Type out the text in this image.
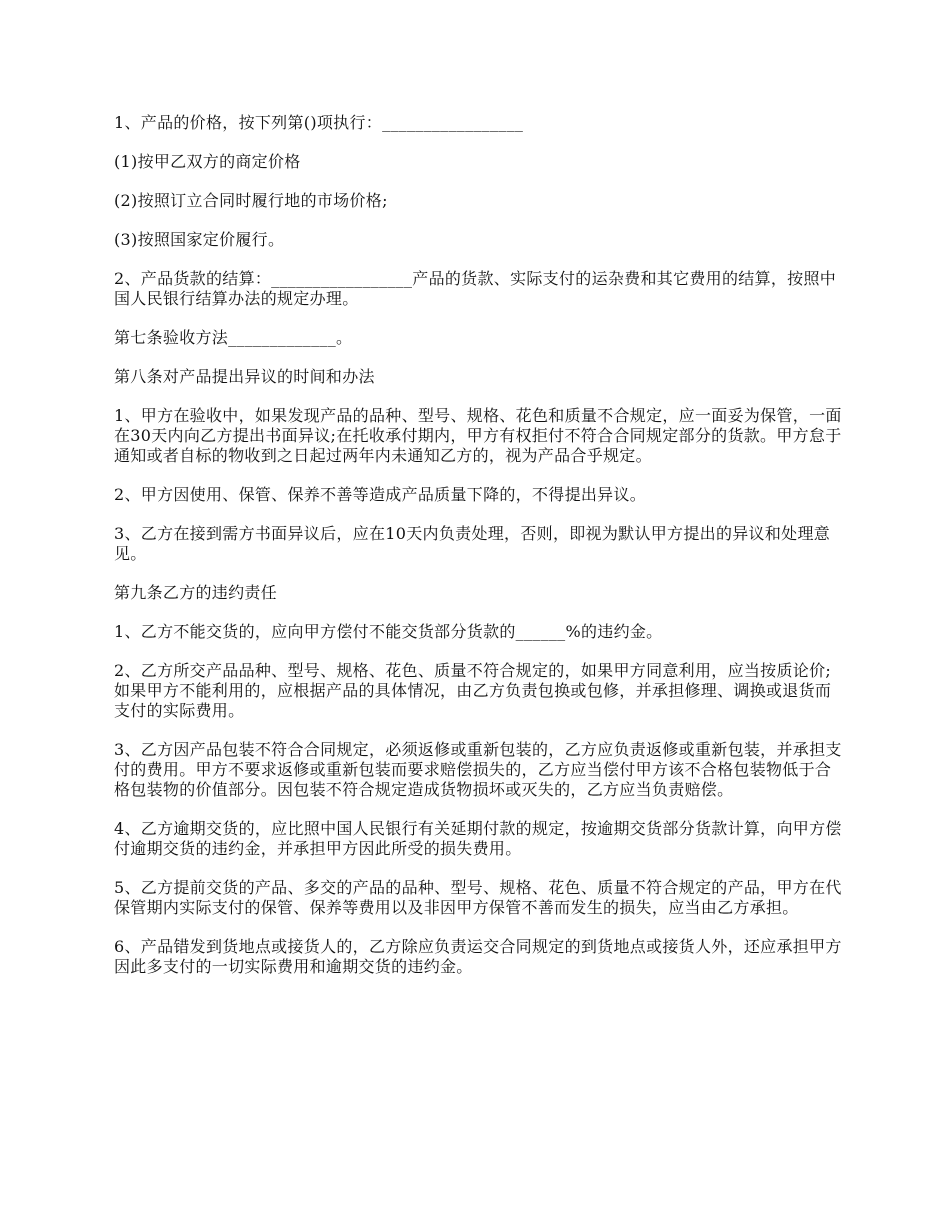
1、产品的价格，按下列第()项执行：_________________

(1)按甲乙双方的商定价格

(2)按照订立合同时履行地的市场价格;

(3)按照国家定价履行。

2、产品货款的结算：_________________产品的货款、实际支付的运杂费和其它费用的结算，按照中国人民银行结算办法的规定办理。

第七条验收方法_____________。

第八条对产品提出异议的时间和办法

1、甲方在验收中，如果发现产品的品种、型号、规格、花色和质量不合规定，应一面妥为保管，一面在30天内向乙方提出书面异议;在托收承付期内，甲方有权拒付不符合合同规定部分的货款。甲方怠于通知或者自标的物收到之日起过两年内未通知乙方的，视为产品合乎规定。

2、甲方因使用、保管、保养不善等造成产品质量下降的，不得提出异议。

3、乙方在接到需方书面异议后，应在10天内负责处理，否则，即视为默认甲方提出的异议和处理意见。

第九条乙方的违约责任

1、乙方不能交货的，应向甲方偿付不能交货部分货款的______%的违约金。

2、乙方所交产品品种、型号、规格、花色、质量不符合规定的，如果甲方同意利用，应当按质论价;如果甲方不能利用的，应根据产品的具体情况，由乙方负责包换或包修，并承担修理、调换或退货而支付的实际费用。

3、乙方因产品包装不符合合同规定，必须返修或重新包装的，乙方应负责返修或重新包装，并承担支付的费用。甲方不要求返修或重新包装而要求赔偿损失的，乙方应当偿付甲方该不合格包装物低于合格包装物的价值部分。因包装不符合规定造成货物损坏或灭失的，乙方应当负责赔偿。

4、乙方逾期交货的，应比照中国人民银行有关延期付款的规定，按逾期交货部分货款计算，向甲方偿付逾期交货的违约金，并承担甲方因此所受的损失费用。

5、乙方提前交货的产品、多交的产品的品种、型号、规格、花色、质量不符合规定的产品，甲方在代保管期内实际支付的保管、保养等费用以及非因甲方保管不善而发生的损失，应当由乙方承担。

6、产品错发到货地点或接货人的，乙方除应负责运交合同规定的到货地点或接货人外，还应承担甲方因此多支付的一切实际费用和逾期交货的违约金。
